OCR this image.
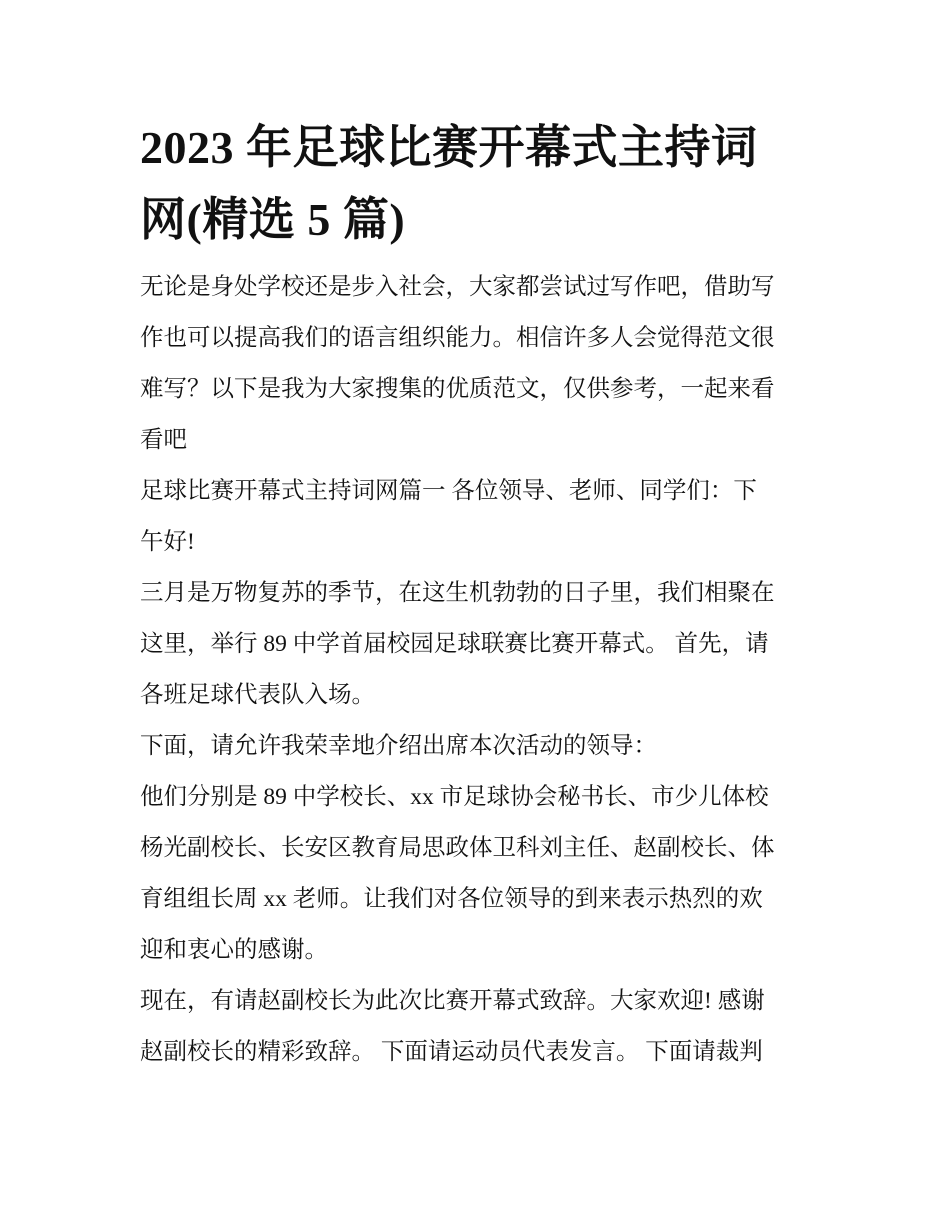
2023 年足球比赛开幕式主持词
网(精选 5 篇)

无论是身处学校还是步入社会，大家都尝试过写作吧，借助写
作也可以提高我们的语言组织能力。相信许多人会觉得范文很
难写？以下是我为大家搜集的优质范文，仅供参考，一起来看
看吧

足球比赛开幕式主持词网篇一 各位领导、老师、同学们：下
午好!

三月是万物复苏的季节，在这生机勃勃的日子里，我们相聚在
这里，举行 89 中学首届校园足球联赛比赛开幕式。 首先，请
各班足球代表队入场。

下面，请允许我荣幸地介绍出席本次活动的领导：

他们分别是 89 中学校长、xx 市足球协会秘书长、市少儿体校
杨光副校长、长安区教育局思政体卫科刘主任、赵副校长、体
育组组长周 xx 老师。让我们对各位领导的到来表示热烈的欢
迎和衷心的感谢。

现在，有请赵副校长为此次比赛开幕式致辞。大家欢迎! 感谢
赵副校长的精彩致辞。 下面请运动员代表发言。 下面请裁判
